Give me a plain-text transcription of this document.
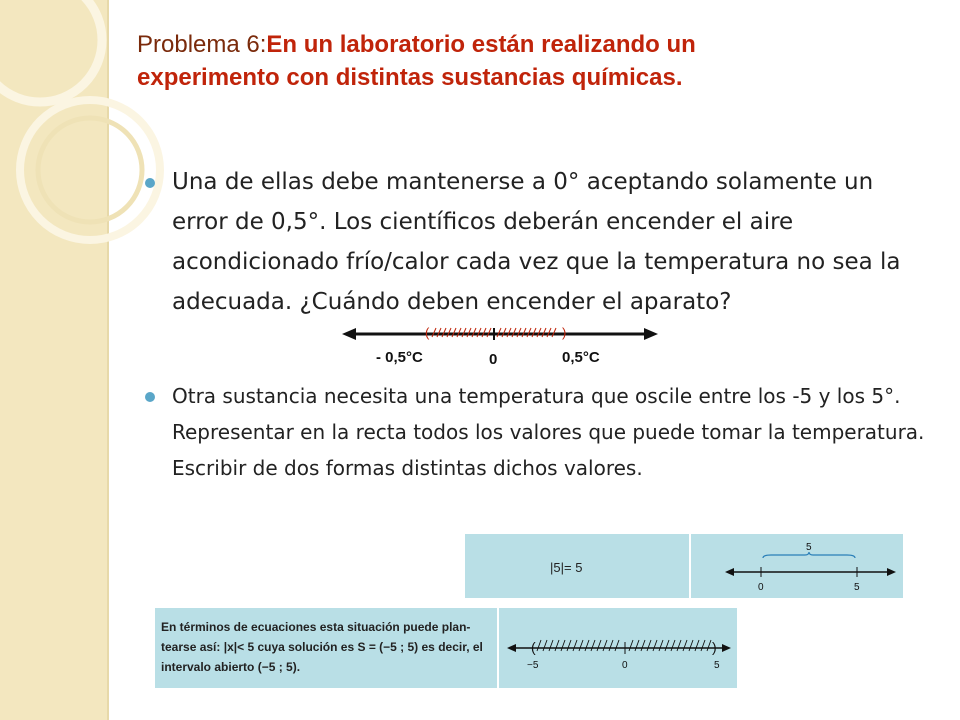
Problema 6:En un laboratorio están realizando un
experimento con distintas sustancias químicas.
Una de ellas debe mantenerse a 0° aceptando solamente un error de 0,5°. Los científicos deberán encender el aire acondicionado frío/calor cada vez que la temperatura no sea la adecuada. ¿Cuándo deben encender el aparato?
(	)
- 0,5°C	0	0,5°C
Otra sustancia necesita una temperatura que oscile entre los -5 y los 5°. Representar en la recta todos los valores que puede tomar la temperatura. Escribir de dos formas distintas dichos valores.
|5|= 5
5
0	5
En términos de ecuaciones esta situación puede plan-
tearse así: |x|< 5 cuya solución es S = (−5 ; 5) es decir, el
intervalo abierto (−5 ; 5).
(	)
−5	0	5
